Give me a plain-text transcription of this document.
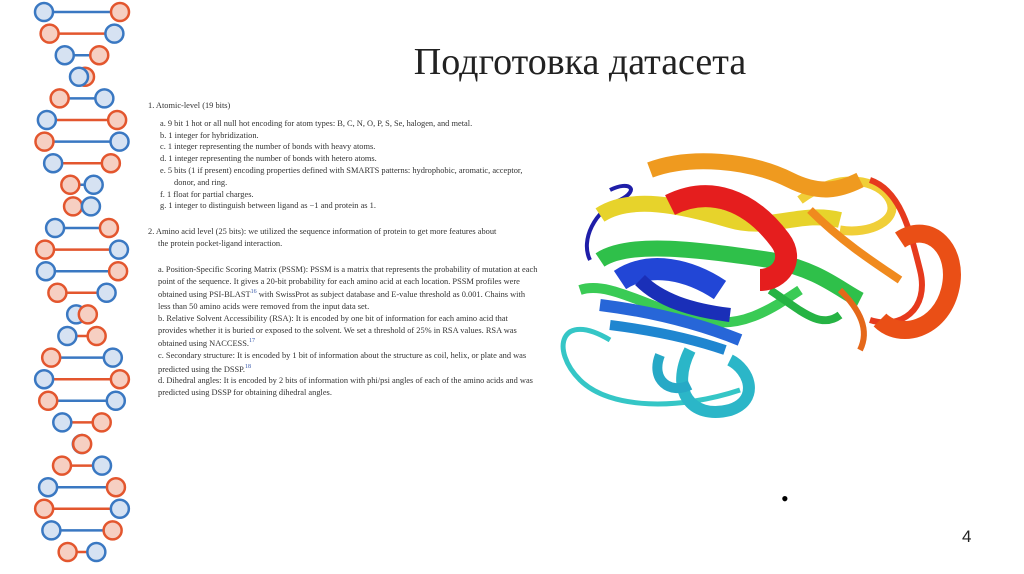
Подготовка датасета

1. Atomic-level (19 bits)

a. 9 bit 1 hot or all null hot encoding for atom types: B, C, N, O, P, S, Se, halogen, and metal.

b. 1 integer for hybridization.

c. 1 integer representing the number of bonds with heavy atoms.

d. 1 integer representing the number of bonds with hetero atoms.

e. 5 bits (1 if present) encoding properties defined with SMARTS patterns: hydrophobic, aromatic, acceptor, donor, and ring.

f. 1 float for partial charges.

g. 1 integer to distinguish between ligand as −1 and protein as 1.

2. Amino acid level (25 bits): we utilized the sequence information of protein to get more features about
the protein pocket-ligand interaction.

a. Position-Specific Scoring Matrix (PSSM): PSSM is a matrix that represents the probability of mutation at each point of the sequence. It gives a 20-bit probability for each amino acid at each location. PSSM profiles were obtained using PSI-BLAST$^{16}$ with SwissProt as subject database and E-value threshold as 0.001. Chains with less than 50 amino acids were removed from the input data set.

b. Relative Solvent Accessibility (RSA): It is encoded by one bit of information for each amino acid that provides whether it is buried or exposed to the solvent. We set a threshold of 25% in RSA values. RSA was obtained using NACCESS.$^{17}$

c. Secondary structure: It is encoded by 1 bit of information about the structure as coil, helix, or plate and was predicted using the DSSP.$^{18}$

d. Dihedral angles: It is encoded by 2 bits of information with phi/psi angles of each of the amino acids and was predicted using DSSP for obtaining dihedral angles.

•
4
